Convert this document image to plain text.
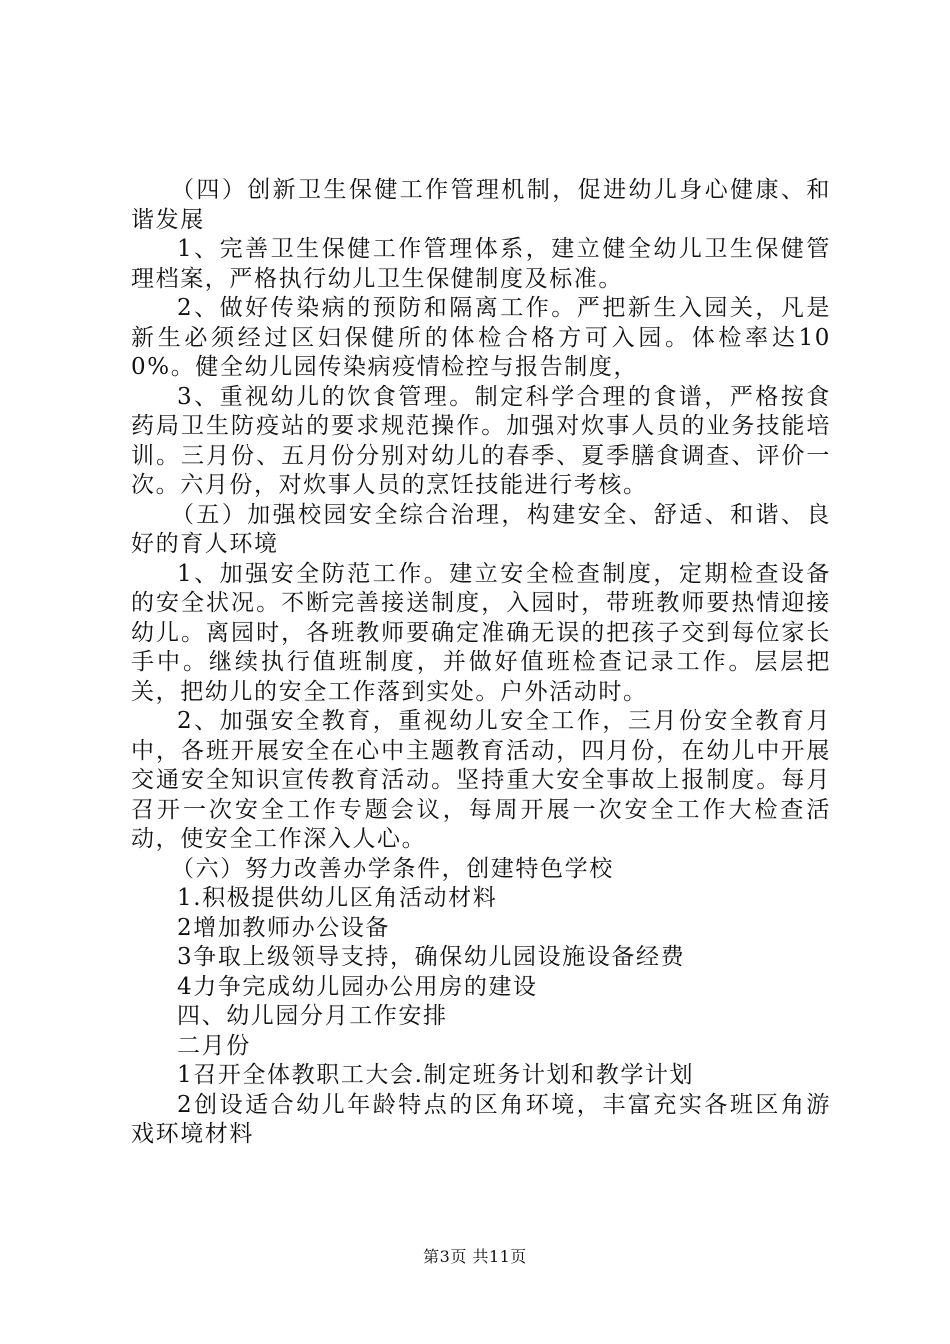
（四）创新卫生保健工作管理机制，促进幼儿身心健康、和谐发展

1、完善卫生保健工作管理体系，建立健全幼儿卫生保健管理档案，严格执行幼儿卫生保健制度及标准。

2、做好传染病的预防和隔离工作。严把新生入园关，凡是新生必须经过区妇保健所的体检合格方可入园。体检率达100%。健全幼儿园传染病疫情检控与报告制度，

3、重视幼儿的饮食管理。制定科学合理的食谱，严格按食药局卫生防疫站的要求规范操作。加强对炊事人员的业务技能培训。三月份、五月份分别对幼儿的春季、夏季膳食调查、评价一次。六月份，对炊事人员的烹饪技能进行考核。

（五）加强校园安全综合治理，构建安全、舒适、和谐、良好的育人环境

1、加强安全防范工作。建立安全检查制度，定期检查设备的安全状况。不断完善接送制度，入园时，带班教师要热情迎接幼儿。离园时，各班教师要确定准确无误的把孩子交到每位家长手中。继续执行值班制度，并做好值班检查记录工作。层层把关，把幼儿的安全工作落到实处。户外活动时。

2、加强安全教育，重视幼儿安全工作，三月份安全教育月中，各班开展安全在心中主题教育活动，四月份，在幼儿中开展交通安全知识宣传教育活动。坚持重大安全事故上报制度。每月召开一次安全工作专题会议，每周开展一次安全工作大检查活动，使安全工作深入人心。

（六）努力改善办学条件，创建特色学校

1.积极提供幼儿区角活动材料

2增加教师办公设备

3争取上级领导支持，确保幼儿园设施设备经费

4力争完成幼儿园办公用房的建设

四、幼儿园分月工作安排

二月份

1召开全体教职工大会.制定班务计划和教学计划

2创设适合幼儿年龄特点的区角环境，丰富充实各班区角游戏环境材料

第3页 共11页
